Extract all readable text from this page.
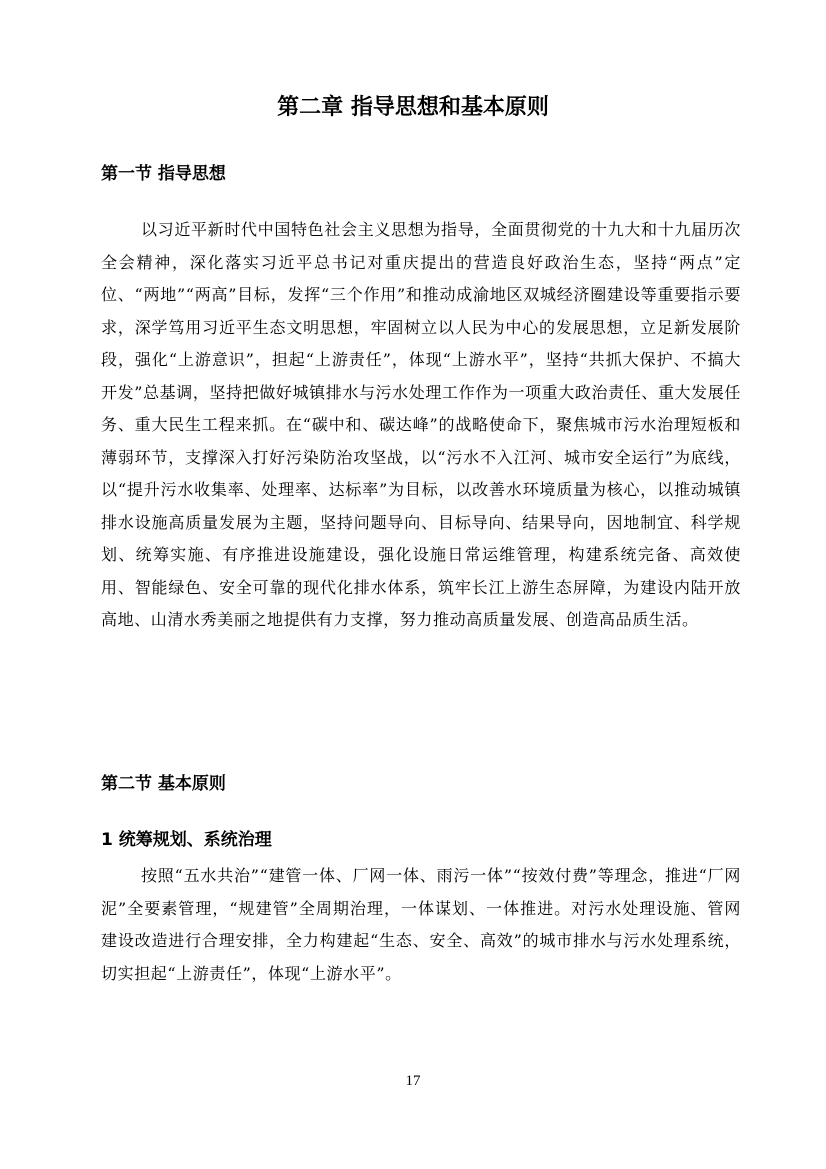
第二章 指导思想和基本原则
第一节 指导思想

以习近平新时代中国特色社会主义思想为指导，全面贯彻党的十九大和十九届历次全会精神，深化落实习近平总书记对重庆提出的营造良好政治生态，坚持“两点”定位、“两地”“两高”目标，发挥“三个作用”和推动成渝地区双城经济圈建设等重要指示要求，深学笃用习近平生态文明思想，牢固树立以人民为中心的发展思想，立足新发展阶段，强化“上游意识”，担起“上游责任”，体现“上游水平”，坚持“共抓大保护、不搞大开发”总基调，坚持把做好城镇排水与污水处理工作作为一项重大政治责任、重大发展任务、重大民生工程来抓。在“碳中和、碳达峰”的战略使命下，聚焦城市污水治理短板和薄弱环节，支撑深入打好污染防治攻坚战，以“污水不入江河、城市安全运行”为底线，以“提升污水收集率、处理率、达标率”为目标，以改善水环境质量为核心，以推动城镇排水设施高质量发展为主题，坚持问题导向、目标导向、结果导向，因地制宜、科学规划、统筹实施、有序推进设施建设，强化设施日常运维管理，构建系统完备、高效使用、智能绿色、安全可靠的现代化排水体系，筑牢长江上游生态屏障，为建设内陆开放高地、山清水秀美丽之地提供有力支撑，努力推动高质量发展、创造高品质生活。

第二节 基本原则
1 统筹规划、系统治理

按照“五水共治”“建管一体、厂网一体、雨污一体”“按效付费”等理念，推进“厂网泥”全要素管理，“规建管”全周期治理，一体谋划、一体推进。对污水处理设施、管网建设改造进行合理安排，全力构建起“生态、安全、高效”的城市排水与污水处理系统，切实担起“上游责任”，体现“上游水平”。

17
